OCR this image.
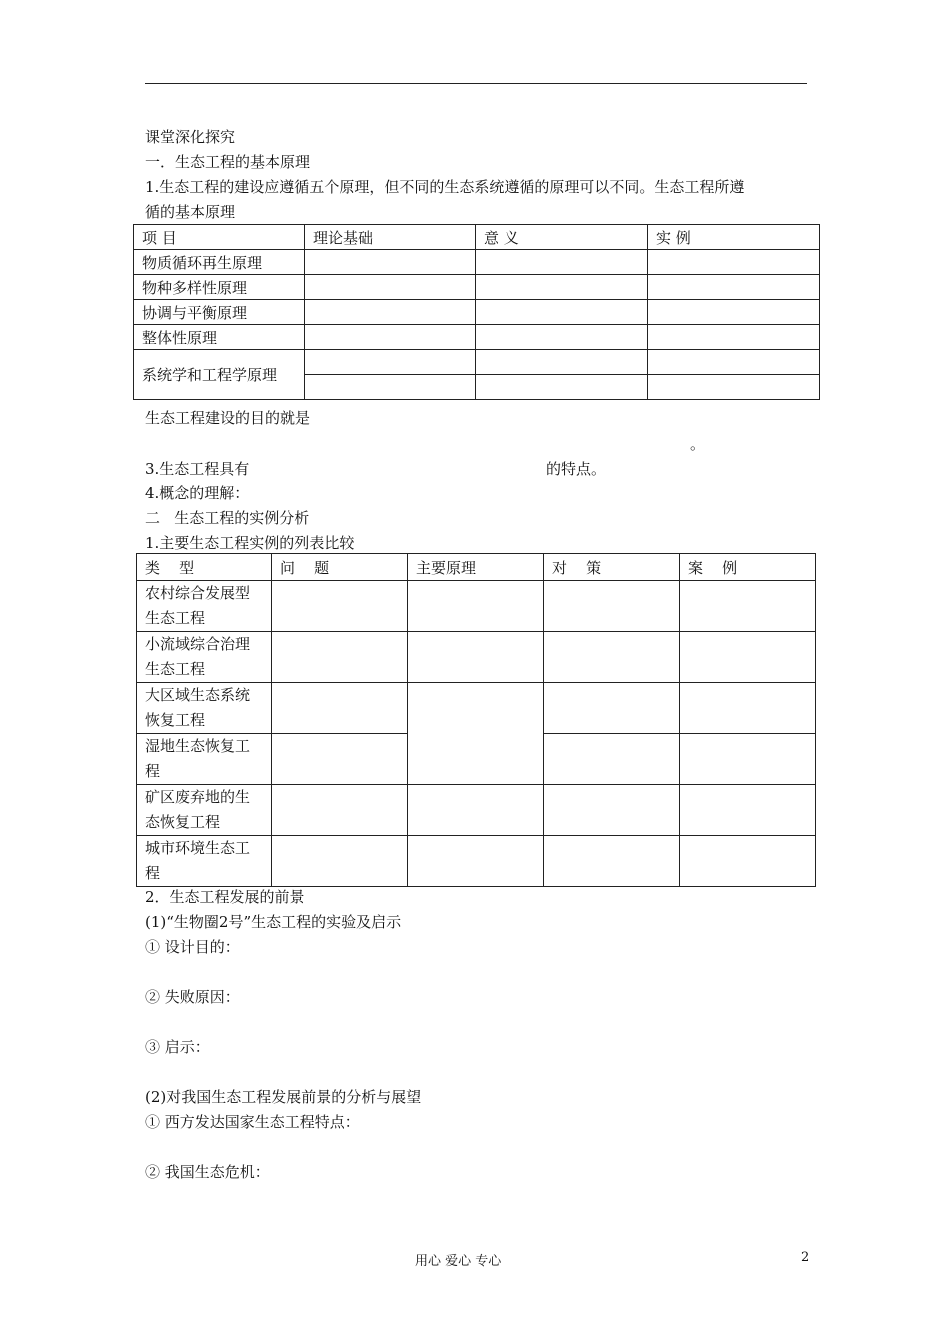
课堂深化探究
一．生态工程的基本原理
1.生态工程的建设应遵循五个原理，但不同的生态系统遵循的原理可以不同。生态工程所遵
循的基本原理
项 目	理论基础	意 义	实 例
物质循环再生原理			
物种多样性原理			
协调与平衡原理			
整体性原理			
系统学和工程学原理			

生态工程建设的目的就是
。
3.生态工程具有	的特点。
4.概念的理解：
二   生态工程的实例分析
1.主要生态工程实例的列表比较
类    型	问    题	主要原理	对    策	案    例

农村综合发展型
生态工程				

小流域综合治理
生态工程				

大区域生态系统
恢复工程				

湿地生态恢复工
程				

矿区废弃地的生
态恢复工程				

城市环境生态工
程				

2．生态工程发展的前景
(1)“生物圈2号”生态工程的实验及启示
① 设计目的：
② 失败原因：
③ 启示：
(2)对我国生态工程发展前景的分析与展望
① 西方发达国家生态工程特点：
② 我国生态危机：
用心 爱心 专心	2
